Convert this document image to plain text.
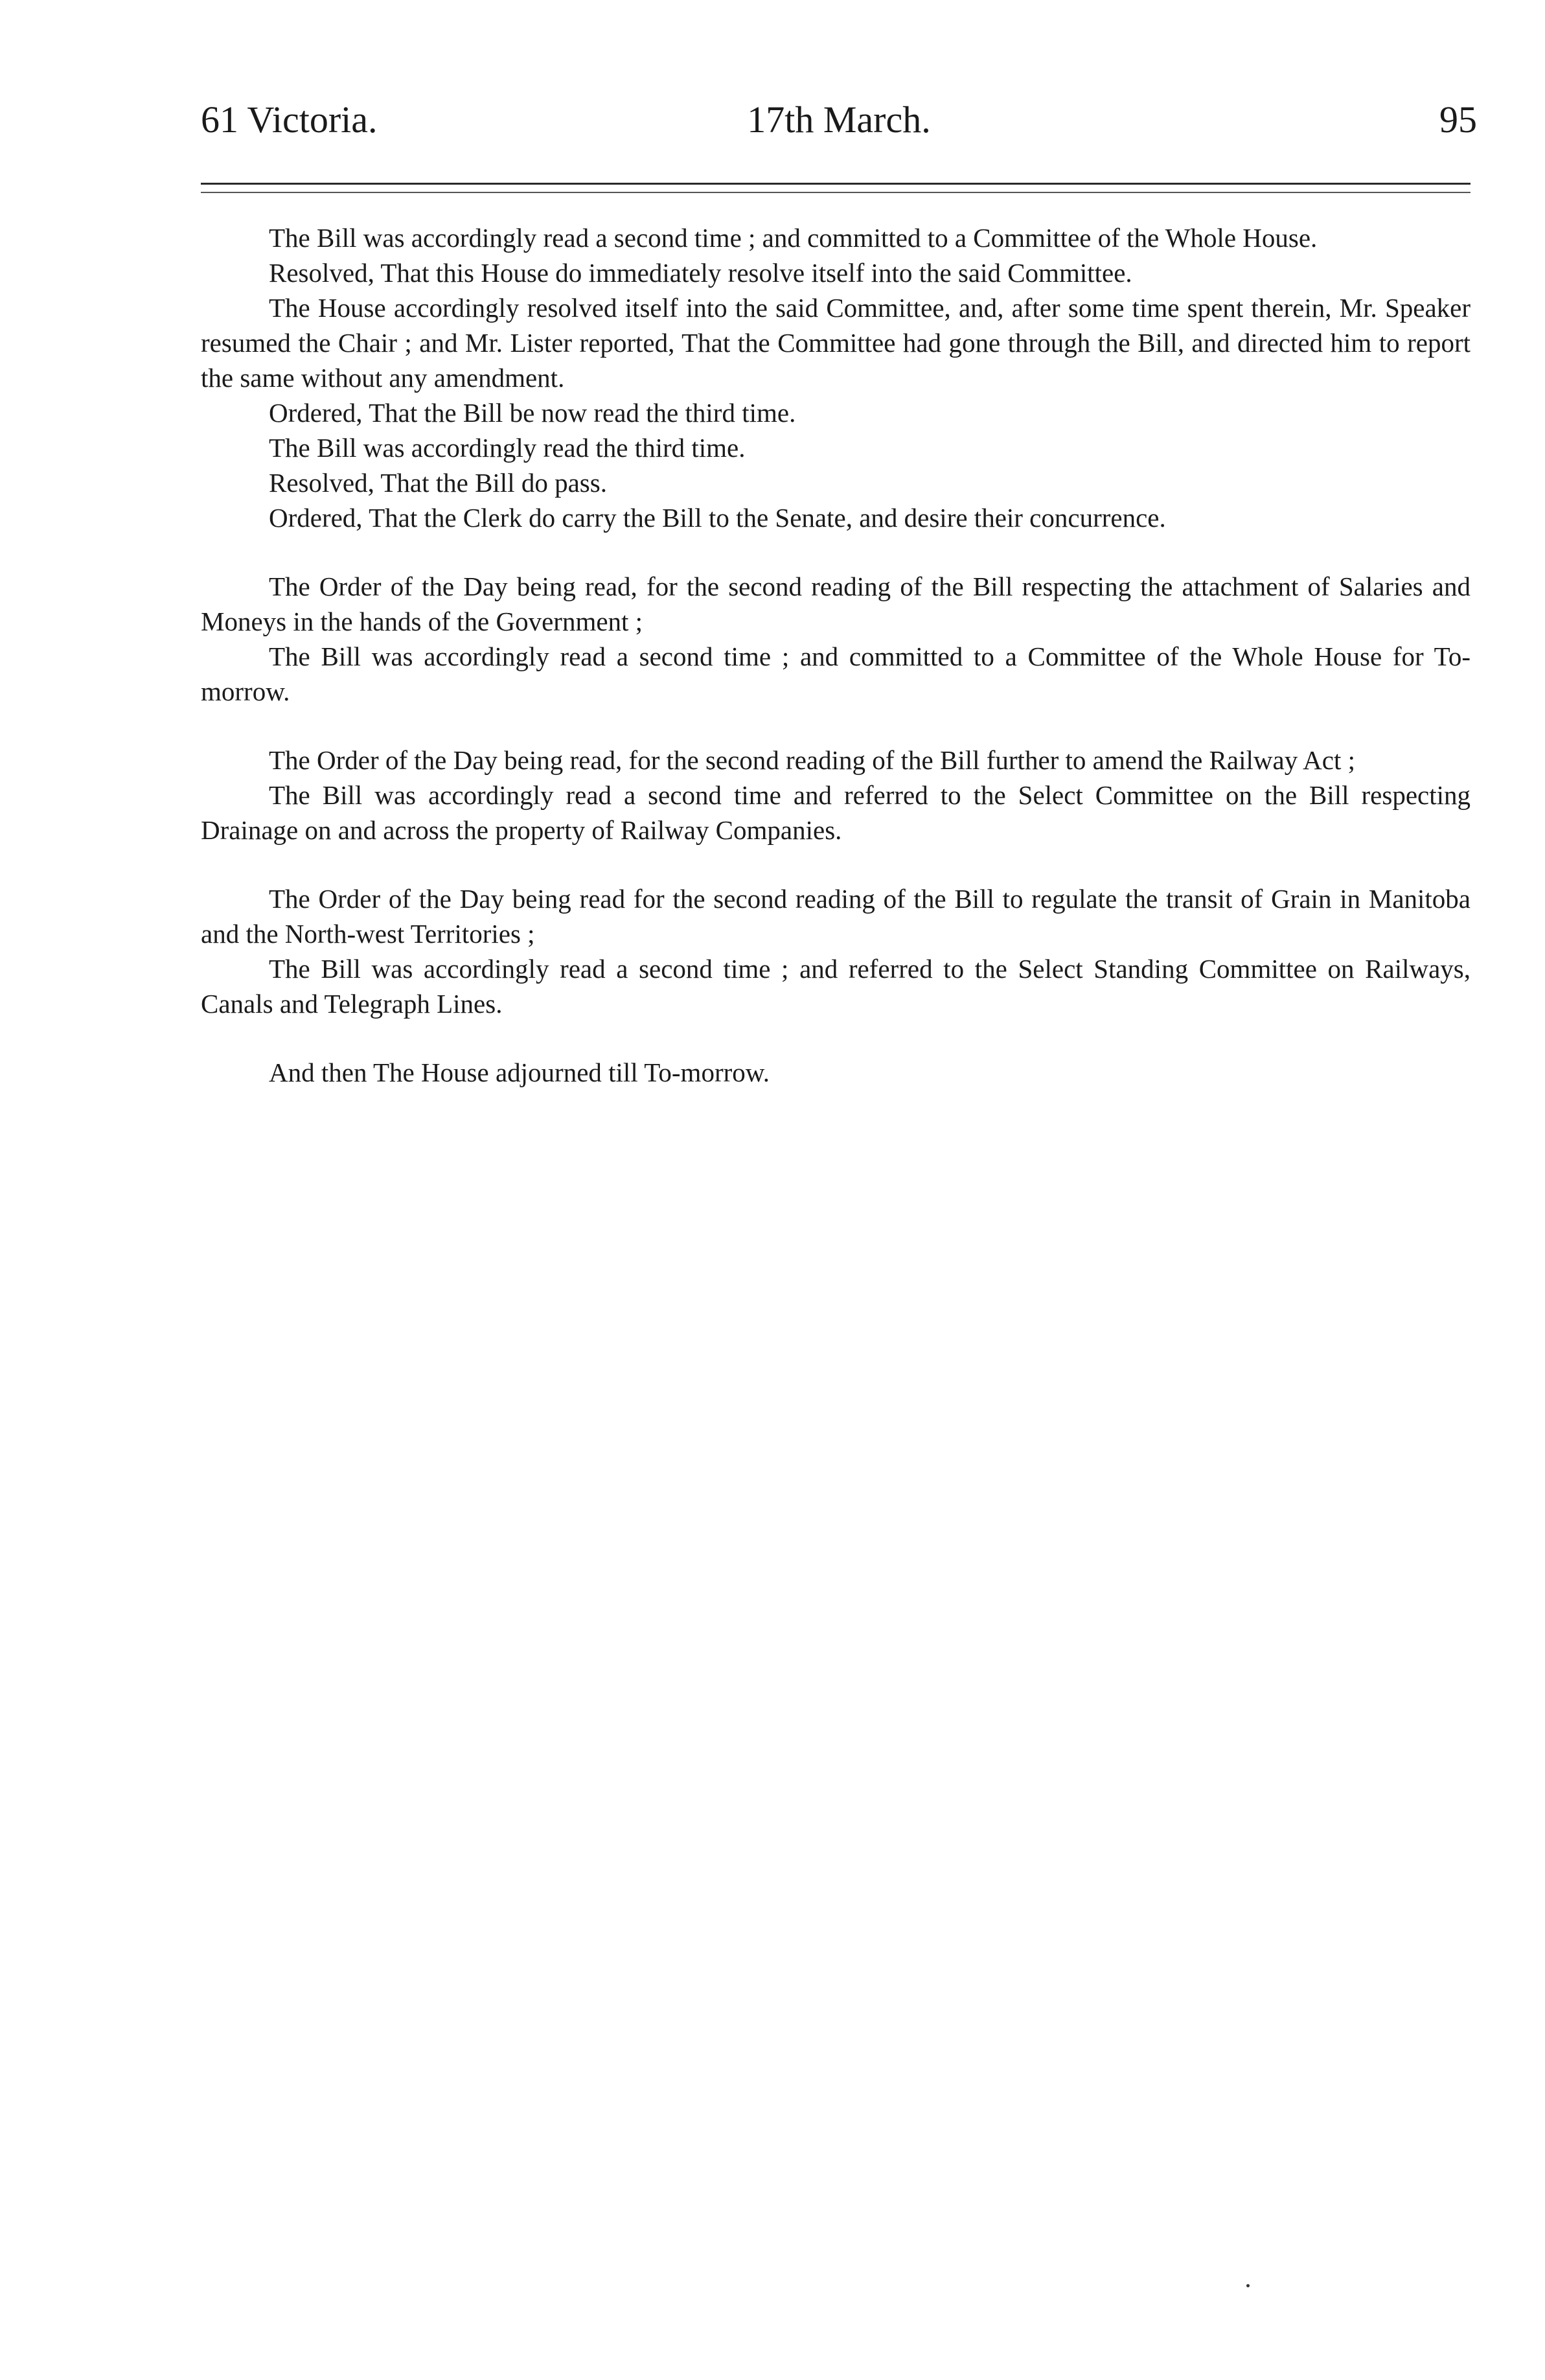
61 Victoria.	17th March.	95

The Bill was accordingly read a second time ; and committed to a Committee of the Whole House.

Resolved, That this House do immediately resolve itself into the said Committee.

The House accordingly resolved itself into the said Committee, and, after some time spent therein, Mr. Speaker resumed the Chair ; and Mr. Lister reported, That the Committee had gone through the Bill, and directed him to report the same without any amendment.

Ordered, That the Bill be now read the third time.

The Bill was accordingly read the third time.

Resolved, That the Bill do pass.

Ordered, That the Clerk do carry the Bill to the Senate, and desire their concurrence.

The Order of the Day being read, for the second reading of the Bill respecting the attachment of Salaries and Moneys in the hands of the Government ;

The Bill was accordingly read a second time ; and committed to a Committee of the Whole House for To-morrow.

The Order of the Day being read, for the second reading of the Bill further to amend the Railway Act ;

The Bill was accordingly read a second time and referred to the Select Committee on the Bill respecting Drainage on and across the property of Railway Companies.

The Order of the Day being read for the second reading of the Bill to regulate the transit of Grain in Manitoba and the North-west Territories ;

The Bill was accordingly read a second time ; and referred to the Select Standing Committee on Railways, Canals and Telegraph Lines.

And then The House adjourned till To-morrow.
